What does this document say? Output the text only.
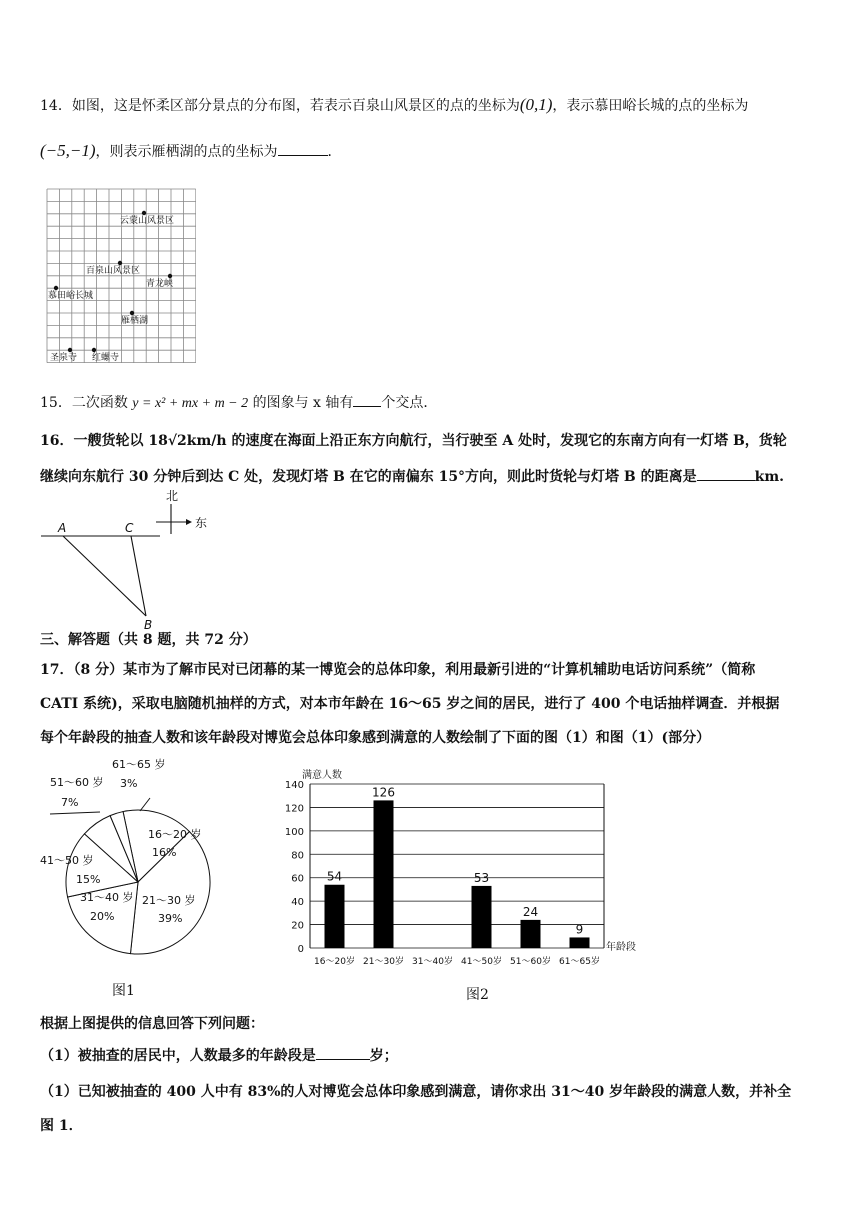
14．如图，这是怀柔区部分景点的分布图，若表示百泉山风景区的点的坐标为(0,1)，表示慕田峪长城的点的坐标为
(−5,−1)，则表示雁栖湖的点的坐标为	．
云蒙山风景区
百泉山风景区
青龙峡
慕田峪长城
雁栖湖
圣泉寺 红螺寺
15．二次函数 y = x² + mx + m − 2 的图象与 x 轴有 个交点．
16．一艘货轮以 18√2km/h 的速度在海面上沿正东方向航行，当行驶至 A 处时，发现它的东南方向有一灯塔 B，货轮
继续向东航行 30 分钟后到达 C 处，发现灯塔 B 在它的南偏东 15°方向，则此时货轮与灯塔 B 的距离是	km.
北
东
A	C
B
三、解答题（共 8 题，共 72 分）
17．（8 分）某市为了解市民对已闭幕的某一博览会的总体印象，利用最新引进的“计算机辅助电话访问系统”（简称
CATI 系统)，采取电脑随机抽样的方式，对本市年龄在 16～65 岁之间的居民，进行了 400 个电话抽样调查．并根据
每个年龄段的抽查人数和该年龄段对博览会总体印象感到满意的人数绘制了下面的图（1）和图（1）(部分）
16～20 岁
16%
21～30 岁
39%
31～40 岁
20%
41～50 岁
15%
51～60 岁
7%
61～65 岁
3%
图1
0
20
40
60
80
100
120
140
54
16～20岁
126
21～30岁 31～40岁
53
41～50岁
24
51～60岁
9
61～65岁
满意人数
年龄段
图2
根据上图提供的信息回答下列问题：
（1）被抽查的居民中，人数最多的年龄段是	岁；
（1）已知被抽查的 400 人中有 83%的人对博览会总体印象感到满意，请你求出 31～40 岁年龄段的满意人数，并补全
图 1．
